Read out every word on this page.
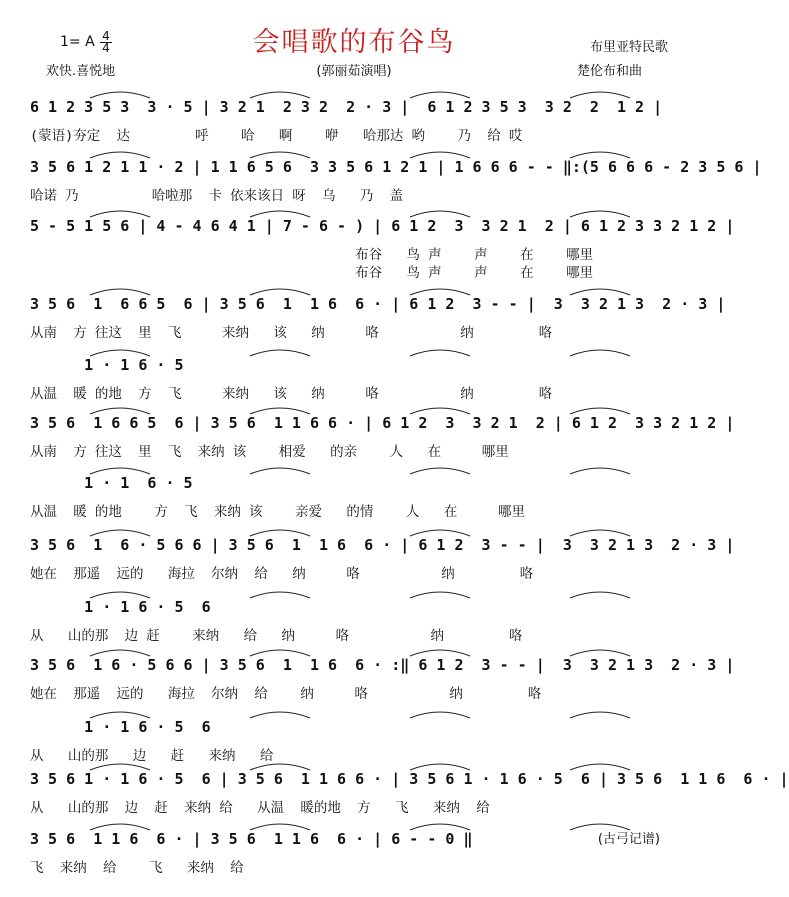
会唱歌的布谷鸟
1= A 4
4
欢快.喜悦地	(郭丽茹演唱)
布里亚特民歌
楚伦布和曲
(古弓记谱)
6 1 2 3 5 3  3 · 5 | 3 2 1  2 3 2  2 · 3 |  6 1 2 3 5 3  3 2  2  1 2 |
(蒙语)夯定  达        呼    哈   啊    咿   哈那达 哟    乃  给 哎
3 5 6 1 2 1 1 · 2 | 1 1 6 5 6  3 3 5 6 1 2 1 | 1 6 6 6 - - ‖:(5 6 6 6 - 2 3 5 6 |
哈诺 乃         哈啦那  卡 依来该日 呀  乌   乃  盖
5 - 5 1 5 6 | 4 - 4 6 4 1 | 7 - 6 - ) | 6 1 2  3  3 2 1  2 | 6 1 2 3 3 2 1 2 |
布谷   鸟 声    声    在    哪里
布谷   鸟 声    声    在    哪里
3 5 6  1  6 6 5  6 | 3 5 6  1  1 6  6 · | 6 1 2  3 - - |  3  3 2 1 3  2 · 3 |
从南  方 往这  里  飞     来纳   该   纳     咯          纳        咯
1 · 1 6 · 5
从温  暖 的地  方  飞     来纳   该   纳     咯          纳        咯
3 5 6  1 6 6 5  6 | 3 5 6  1 1 6 6 · | 6 1 2  3  3 2 1  2 | 6 1 2  3 3 2 1 2 |
从南  方 往这  里  飞  来纳 该    相爱   的亲    人   在     哪里
1 · 1  6 · 5
从温  暖 的地    方  飞  来纳 该    亲爱   的情    人   在     哪里
3 5 6  1  6 · 5 6 6 | 3 5 6  1  1 6  6 · | 6 1 2  3 - - |  3  3 2 1 3  2 · 3 |
她在  那遥  远的   海拉  尔纳  给   纳     咯          纳        咯
1 · 1 6 · 5  6
从   山的那  边 赶    来纳   给   纳     咯          纳        咯
3 5 6  1 6 · 5 6 6 | 3 5 6  1  1 6  6 · :‖ 6 1 2  3 - - |  3  3 2 1 3  2 · 3 |
她在  那遥  远的   海拉  尔纳  给    纳     咯          纳        咯
1 · 1 6 · 5  6
从   山的那   边   赶   来纳   给
3 5 6 1 · 1 6 · 5  6 | 3 5 6  1 1 6 6 · | 3 5 6 1 · 1 6 · 5  6 | 3 5 6  1 1 6  6 · |
从   山的那  边  赶  来纳 给   从温  暖的地  方   飞   来纳  给
3 5 6  1 1 6  6 · | 3 5 6  1 1 6  6 · | 6 - - 0 ‖
飞  来纳  给    飞   来纳  给
